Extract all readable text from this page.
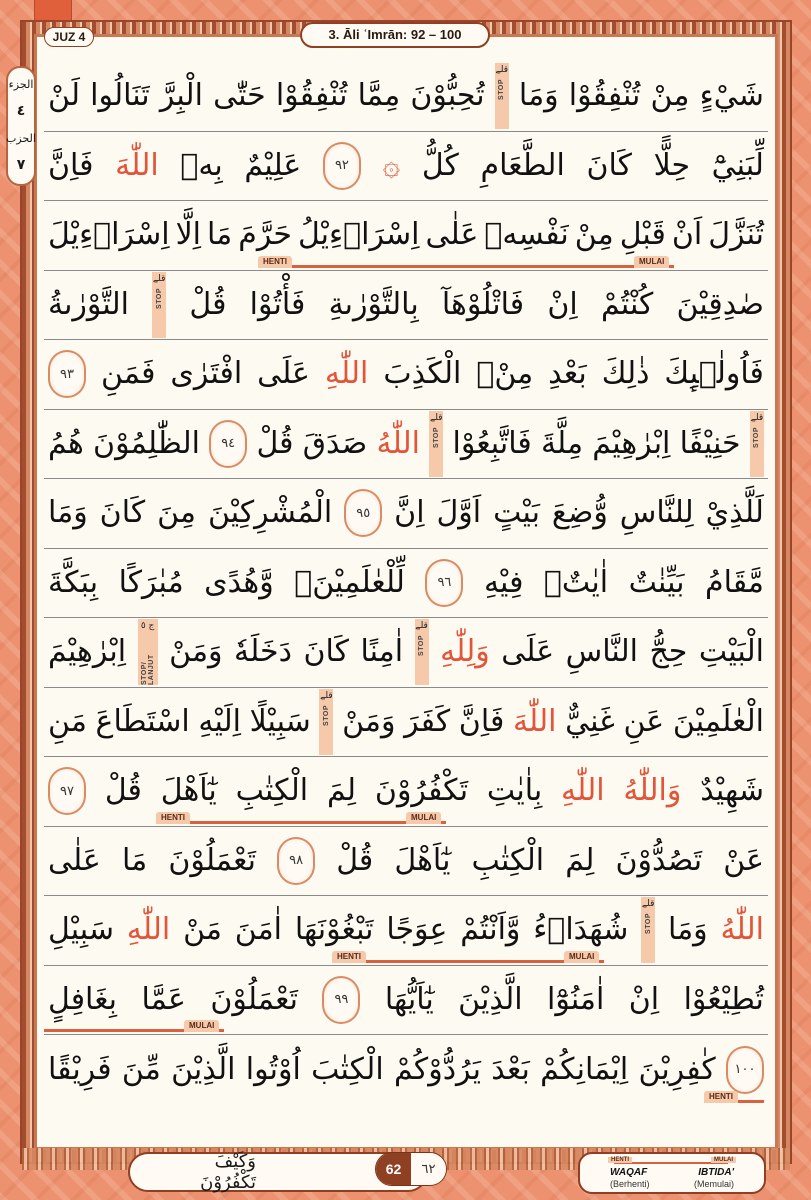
JUZ 4	3. Āli ʿImrān: 92 – 100
الجزء
٤
الحزب
٧
لَنْ تَنَالُوا الْبِرَّ حَتّٰى تُنْفِقُوْا مِمَّا تُحِبُّوْنَ
قلے
STOP وَمَا تُنْفِقُوْا مِنْ شَيْءٍ
فَاِنَّ اللّٰهَ بِهٖ عَلِيْمٌ	٩٢	۞ كُلُّ الطَّعَامِ كَانَ حِلًّا لِّبَنِيْٓ
اِسْرَاۤءِيْلَ اِلَّا مَا حَرَّمَ اِسْرَاۤءِيْلُ عَلٰى نَفْسِهٖ مِنْ قَبْلِ اَنْ تُنَزَّلَ
HENTI	MULAI
التَّوْرٰىةُ
قلے
STOP قُلْ فَأْتُوْا بِالتَّوْرٰىةِ فَاتْلُوْهَآ اِنْ كُنْتُمْ صٰدِقِيْنَ
٩٣ فَمَنِ افْتَرٰى عَلَى اللّٰهِ الْكَذِبَ مِنْۢ بَعْدِ ذٰلِكَ فَاُولٰۤىِٕكَ
هُمُ الظّٰلِمُوْنَ	٩٤ قُلْ صَدَقَ اللّٰهُ
قلے
STOP فَاتَّبِعُوْا مِلَّةَ اِبْرٰهِيْمَ حَنِيْفًا
قلے
STOP
وَمَا كَانَ مِنَ الْمُشْرِكِيْنَ	٩٥ اِنَّ اَوَّلَ بَيْتٍ وُّضِعَ لِلنَّاسِ لَلَّذِيْ
بِبَكَّةَ مُبٰرَكًا وَّهُدًى لِّلْعٰلَمِيْنَۚ	٩٦	فِيْهِ اٰيٰتٌۢ بَيِّنٰتٌ مَّقَامُ
اِبْرٰهِيْمَ
ج ٥
STOP/ LANJUT
وَمَنْ دَخَلَهٗ كَانَ اٰمِنًا
قلے
STOP وَلِلّٰهِ عَلَى النَّاسِ حِجُّ الْبَيْتِ
مَنِ اسْتَطَاعَ اِلَيْهِ سَبِيْلًا
قلے
STOP وَمَنْ كَفَرَ فَاِنَّ اللّٰهَ غَنِيٌّ عَنِ الْعٰلَمِيْنَ
٩٧	قُلْ يٰٓاَهْلَ الْكِتٰبِ لِمَ تَكْفُرُوْنَ بِاٰيٰتِ اللّٰهِ وَاللّٰهُ شَهِيْدٌ
HENTI	MULAI
عَلٰى مَا تَعْمَلُوْنَ	٩٨	قُلْ يٰٓاَهْلَ الْكِتٰبِ لِمَ تَصُدُّوْنَ عَنْ
سَبِيْلِ اللّٰهِ مَنْ اٰمَنَ تَبْغُوْنَهَا عِوَجًا وَّاَنْتُمْ شُهَدَاۤءُ
قلے
STOP وَمَا اللّٰهُ
HENTI	MULAI
بِغَافِلٍ عَمَّا تَعْمَلُوْنَ	٩٩	يٰٓاَيُّهَا الَّذِيْنَ اٰمَنُوْٓا اِنْ تُطِيْعُوْا
MULAI
فَرِيْقًا مِّنَ الَّذِيْنَ اُوْتُوا الْكِتٰبَ يَرُدُّوْكُمْ بَعْدَ اِيْمَانِكُمْ كٰفِرِيْنَ	١٠٠
HENTI
وَكَيْفَ تَكْفُرُوْنَ
62	٦٢
HENTI	MULAI
WAQAF	IBTIDA'
(Berhenti)	(Memulai)
